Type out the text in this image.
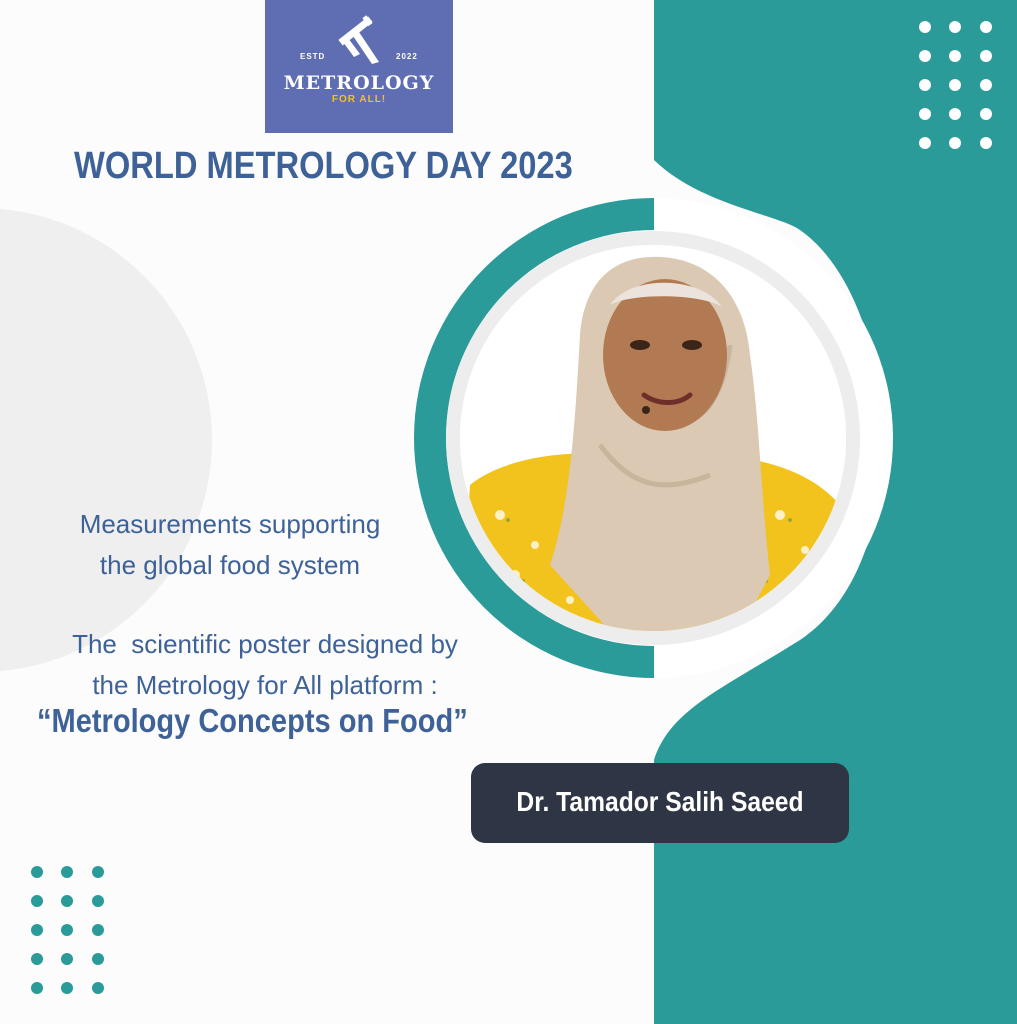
ESTD	2022
METROLOGY
FOR ALL!
WORLD METROLOGY DAY 2023
Measurements supporting
the global food system
The  scientific poster designed by
the Metrology for All platform :
“Metrology Concepts on Food”
Dr. Tamador Salih Saeed
